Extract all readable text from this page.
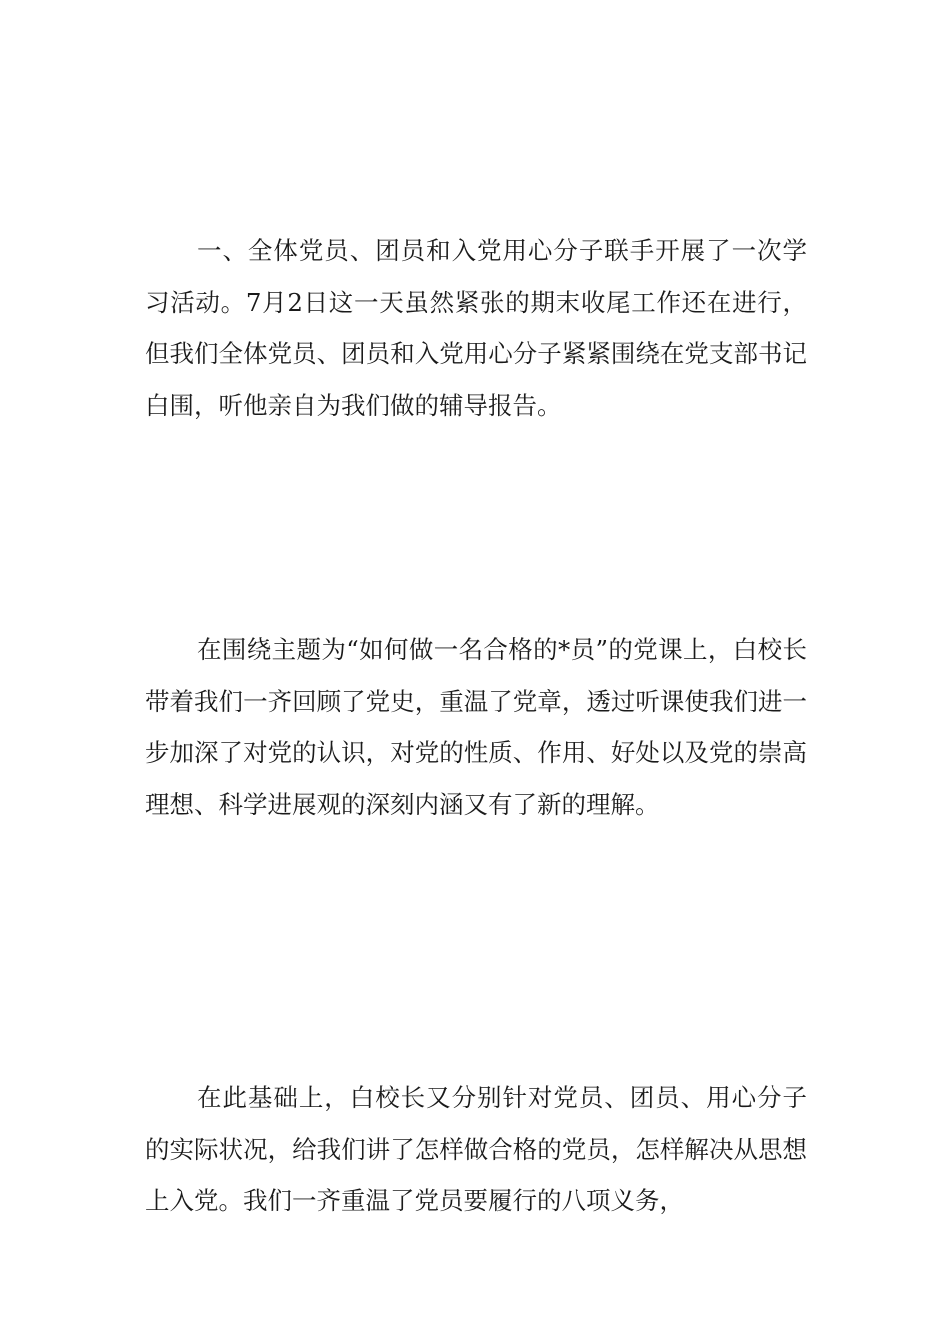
一、全体党员、团员和入党用心分子联手开展了一次学习活动。7月2日这一天虽然紧张的期末收尾工作还在进行，但我们全体党员、团员和入党用心分子紧紧围绕在党支部书记白围，听他亲自为我们做的辅导报告。

在围绕主题为“如何做一名合格的*员”的党课上，白校长带着我们一齐回顾了党史，重温了党章，透过听课使我们进一步加深了对党的认识，对党的性质、作用、好处以及党的崇高理想、科学进展观的深刻内涵又有了新的理解。

在此基础上，白校长又分别针对党员、团员、用心分子的实际状况，给我们讲了怎样做合格的党员，怎样解决从思想上入党。我们一齐重温了党员要履行的八项义务，
